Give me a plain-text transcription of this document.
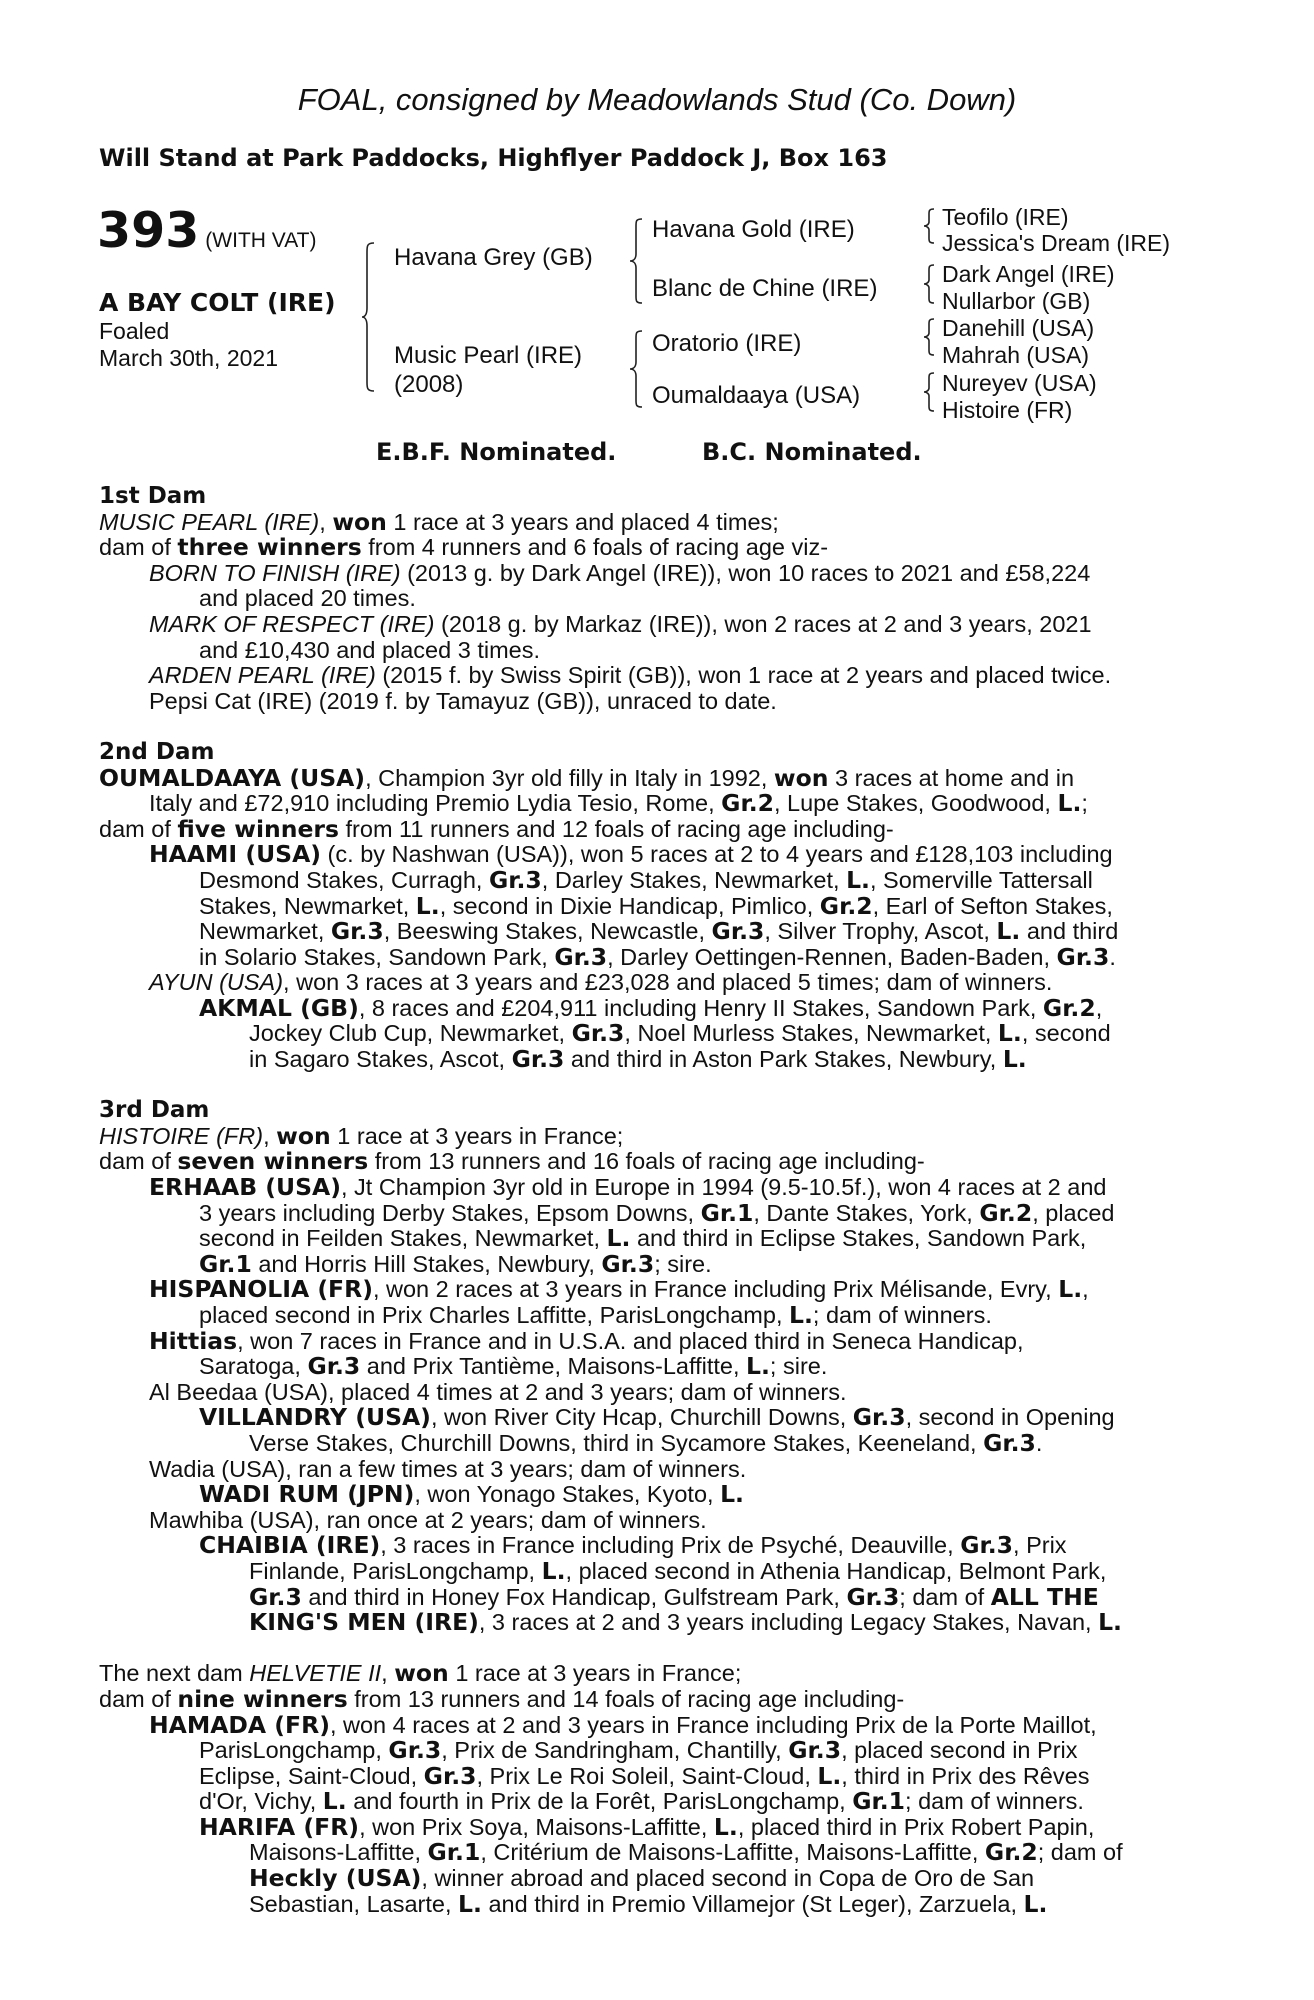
FOAL, consigned by Meadowlands Stud (Co. Down)
Will Stand at Park Paddocks, Highflyer Paddock J, Box 163
393 (WITH VAT)
A BAY COLT (IRE)
Foaled
March 30th, 2021
Havana Grey (GB)
Music Pearl (IRE)
(2008)
Havana Gold (IRE)
Blanc de Chine (IRE)
Oratorio (IRE)
Oumaldaaya (USA)
Teofilo (IRE)
Jessica's Dream (IRE)
Dark Angel (IRE)
Nullarbor (GB)
Danehill (USA)
Mahrah (USA)
Nureyev (USA)
Histoire (FR)
E.B.F. Nominated.	B.C. Nominated.
1st Dam
MUSIC PEARL (IRE), won 1 race at 3 years and placed 4 times;
dam of three winners from 4 runners and 6 foals of racing age viz-
BORN TO FINISH (IRE) (2013 g. by Dark Angel (IRE)), won 10 races to 2021 and £58,224
and placed 20 times.
MARK OF RESPECT (IRE) (2018 g. by Markaz (IRE)), won 2 races at 2 and 3 years, 2021
and £10,430 and placed 3 times.
ARDEN PEARL (IRE) (2015 f. by Swiss Spirit (GB)), won 1 race at 2 years and placed twice.
Pepsi Cat (IRE) (2019 f. by Tamayuz (GB)), unraced to date.
2nd Dam
OUMALDAAYA (USA), Champion 3yr old filly in Italy in 1992, won 3 races at home and in
Italy and £72,910 including Premio Lydia Tesio, Rome, Gr.2, Lupe Stakes, Goodwood, L.;
dam of five winners from 11 runners and 12 foals of racing age including-
HAAMI (USA) (c. by Nashwan (USA)), won 5 races at 2 to 4 years and £128,103 including
Desmond Stakes, Curragh, Gr.3, Darley Stakes, Newmarket, L., Somerville Tattersall
Stakes, Newmarket, L., second in Dixie Handicap, Pimlico, Gr.2, Earl of Sefton Stakes,
Newmarket, Gr.3, Beeswing Stakes, Newcastle, Gr.3, Silver Trophy, Ascot, L. and third
in Solario Stakes, Sandown Park, Gr.3, Darley Oettingen-Rennen, Baden-Baden, Gr.3.
AYUN (USA), won 3 races at 3 years and £23,028 and placed 5 times; dam of winners.
AKMAL (GB), 8 races and £204,911 including Henry II Stakes, Sandown Park, Gr.2,
Jockey Club Cup, Newmarket, Gr.3, Noel Murless Stakes, Newmarket, L., second
in Sagaro Stakes, Ascot, Gr.3 and third in Aston Park Stakes, Newbury, L.
3rd Dam
HISTOIRE (FR), won 1 race at 3 years in France;
dam of seven winners from 13 runners and 16 foals of racing age including-
ERHAAB (USA), Jt Champion 3yr old in Europe in 1994 (9.5-10.5f.), won 4 races at 2 and
3 years including Derby Stakes, Epsom Downs, Gr.1, Dante Stakes, York, Gr.2, placed
second in Feilden Stakes, Newmarket, L. and third in Eclipse Stakes, Sandown Park,
Gr.1 and Horris Hill Stakes, Newbury, Gr.3; sire.
HISPANOLIA (FR), won 2 races at 3 years in France including Prix Mélisande, Evry, L.,
placed second in Prix Charles Laffitte, ParisLongchamp, L.; dam of winners.
Hittias, won 7 races in France and in U.S.A. and placed third in Seneca Handicap,
Saratoga, Gr.3 and Prix Tantième, Maisons-Laffitte, L.; sire.
Al Beedaa (USA), placed 4 times at 2 and 3 years; dam of winners.
VILLANDRY (USA), won River City Hcap, Churchill Downs, Gr.3, second in Opening
Verse Stakes, Churchill Downs, third in Sycamore Stakes, Keeneland, Gr.3.
Wadia (USA), ran a few times at 3 years; dam of winners.
WADI RUM (JPN), won Yonago Stakes, Kyoto, L.
Mawhiba (USA), ran once at 2 years; dam of winners.
CHAIBIA (IRE), 3 races in France including Prix de Psyché, Deauville, Gr.3, Prix
Finlande, ParisLongchamp, L., placed second in Athenia Handicap, Belmont Park,
Gr.3 and third in Honey Fox Handicap, Gulfstream Park, Gr.3; dam of ALL THE
KING'S MEN (IRE), 3 races at 2 and 3 years including Legacy Stakes, Navan, L.
The next dam HELVETIE II, won 1 race at 3 years in France;
dam of nine winners from 13 runners and 14 foals of racing age including-
HAMADA (FR), won 4 races at 2 and 3 years in France including Prix de la Porte Maillot,
ParisLongchamp, Gr.3, Prix de Sandringham, Chantilly, Gr.3, placed second in Prix
Eclipse, Saint-Cloud, Gr.3, Prix Le Roi Soleil, Saint-Cloud, L., third in Prix des Rêves
d'Or, Vichy, L. and fourth in Prix de la Forêt, ParisLongchamp, Gr.1; dam of winners.
HARIFA (FR), won Prix Soya, Maisons-Laffitte, L., placed third in Prix Robert Papin,
Maisons-Laffitte, Gr.1, Critérium de Maisons-Laffitte, Maisons-Laffitte, Gr.2; dam of
Heckly (USA), winner abroad and placed second in Copa de Oro de San
Sebastian, Lasarte, L. and third in Premio Villamejor (St Leger), Zarzuela, L.
